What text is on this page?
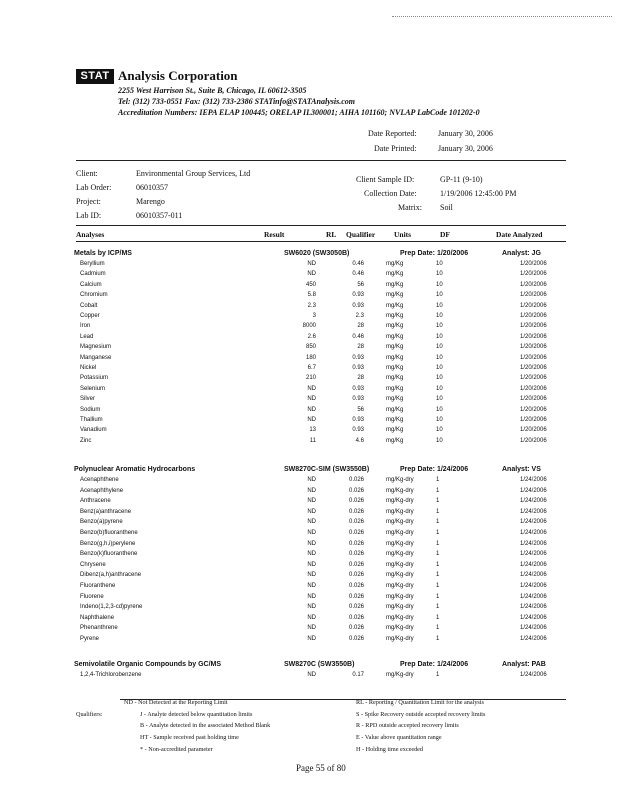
STAT Analysis Corporation
2255 West Harrison St., Suite B, Chicago, IL 60612-3505
Tel: (312) 733-0551 Fax: (312) 733-2386 STATinfo@STATAnalysis.com
Accreditation Numbers: IEPA ELAP 100445; ORELAP IL300001; AIHA 101160; NVLAP LabCode 101202-0
Date Reported:	January 30, 2006
Date Printed:	January 30, 2006
Client:	Environmental Group Services, Ltd
Lab Order:	06010357
Project:	Marengo
Lab ID:	06010357-011
Client Sample ID:	GP-11 (9-10)
Collection Date:	1/19/2006 12:45:00 PM
Matrix: Soil
Analyses	Result	RL Qualifier	Units	DF	Date Analyzed
Metals by ICP/MS	SW6020 (SW3050B)	Prep Date: 1/20/2006	Analyst: JG
Beryllium	ND	0.46	mg/Kg	10	1/20/2006
Cadmium	ND	0.46	mg/Kg	10	1/20/2006
Calcium	450	56	mg/Kg	10	1/20/2006
Chromium	5.8	0.93	mg/Kg	10	1/20/2006
Cobalt	2.3	0.93	mg/Kg	10	1/20/2006
Copper	3	2.3	mg/Kg	10	1/20/2006
Iron	8000	28	mg/Kg	10	1/20/2006
Lead	2.6	0.46	mg/Kg	10	1/20/2006
Magnesium	850	28	mg/Kg	10	1/20/2006
Manganese	180	0.93	mg/Kg	10	1/20/2006
Nickel	6.7	0.93	mg/Kg	10	1/20/2006
Potassium	210	28	mg/Kg	10	1/20/2006
Selenium	ND	0.93	mg/Kg	10	1/20/2006
Silver	ND	0.93	mg/Kg	10	1/20/2006
Sodium	ND	56	mg/Kg	10	1/20/2006
Thallium	ND	0.93	mg/Kg	10	1/20/2006
Vanadium	13	0.93	mg/Kg	10	1/20/2006
Zinc	11	4.6	mg/Kg	10	1/20/2006
Polynuclear Aromatic Hydrocarbons	SW8270C-SIM (SW3550B)	Prep Date: 1/24/2006	Analyst: VS
Acenaphthene	ND	0.026	mg/Kg-dry	1	1/24/2006
Acenaphthylene	ND	0.026	mg/Kg-dry	1	1/24/2006
Anthracene	ND	0.026	mg/Kg-dry	1	1/24/2006
Benz(a)anthracene	ND	0.026	mg/Kg-dry	1	1/24/2006
Benzo(a)pyrene	ND	0.026	mg/Kg-dry	1	1/24/2006
Benzo(b)fluoranthene	ND	0.026	mg/Kg-dry	1	1/24/2006
Benzo(g,h,i)perylene	ND	0.026	mg/Kg-dry	1	1/24/2006
Benzo(k)fluoranthene	ND	0.026	mg/Kg-dry	1	1/24/2006
Chrysene	ND	0.026	mg/Kg-dry	1	1/24/2006
Dibenz(a,h)anthracene	ND	0.026	mg/Kg-dry	1	1/24/2006
Fluoranthene	ND	0.026	mg/Kg-dry	1	1/24/2006
Fluorene	ND	0.026	mg/Kg-dry	1	1/24/2006
Indeno(1,2,3-cd)pyrene	ND	0.026	mg/Kg-dry	1	1/24/2006
Naphthalene	ND	0.026	mg/Kg-dry	1	1/24/2006
Phenanthrene	ND	0.026	mg/Kg-dry	1	1/24/2006
Pyrene	ND	0.026	mg/Kg-dry	1	1/24/2006
Semivolatile Organic Compounds by GC/MS	SW8270C (SW3550B)	Prep Date: 1/24/2006	Analyst: PAB
1,2,4-Trichlorobenzene	ND	0.17	mg/Kg-dry	1	1/24/2006
Qualifiers:
ND - Not Detected at the Reporting Limit
J - Analyte detected below quantitation limits
B - Analyte detected in the associated Method Blank
HT - Sample received past holding time
* - Non-accredited parameter
RL - Reporting / Quantitation Limit for the analysis
S - Spike Recovery outside accepted recovery limits
R - RPD outside accepted recovery limits
E - Value above quantitation range
H - Holding time exceeded
Page 55 of 80
